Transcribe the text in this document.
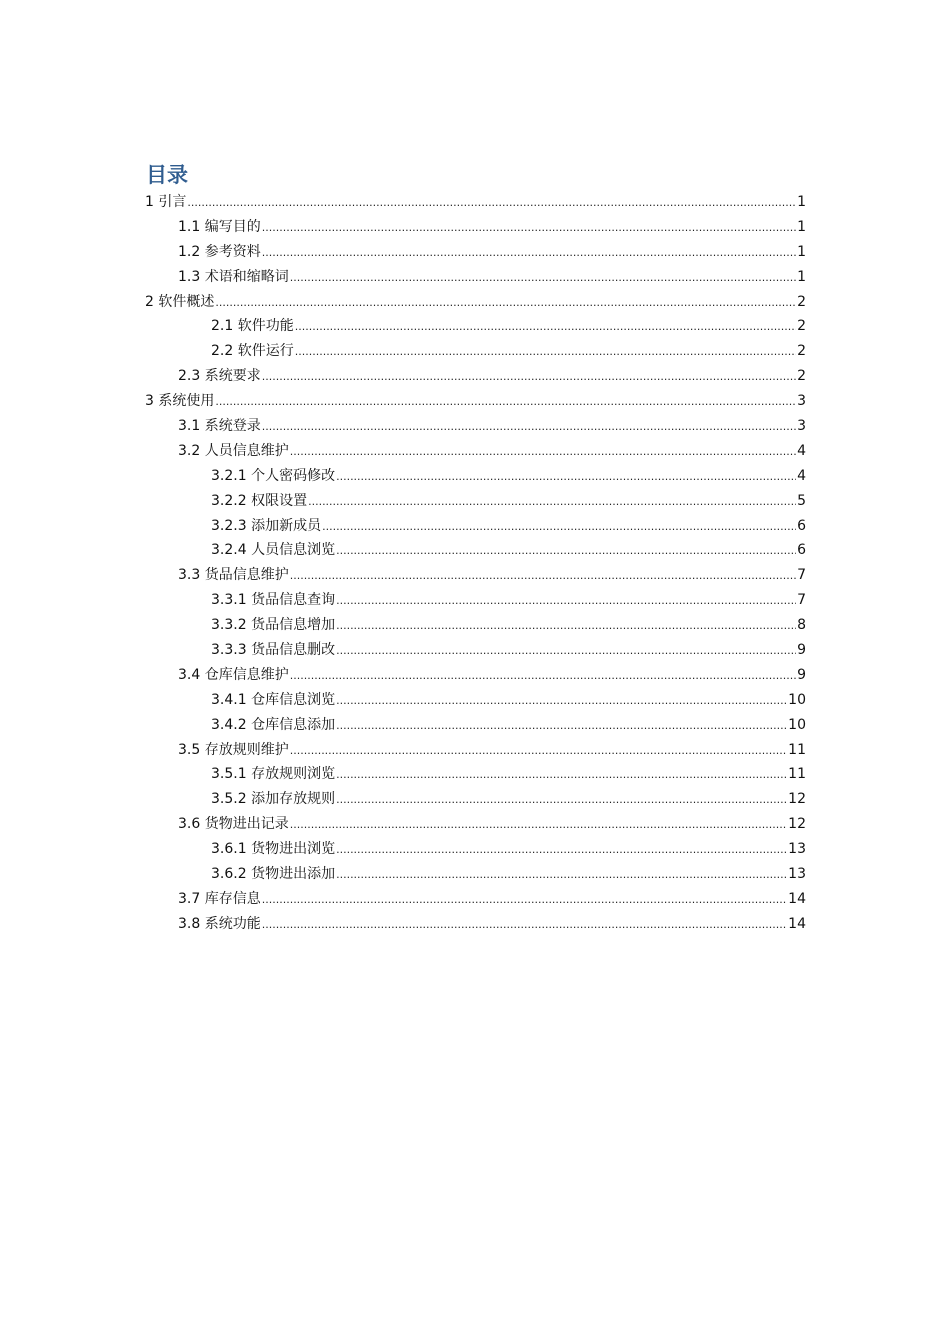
目录
1 引言 .....	1
1.1 编写目的 .....	1
1.2 参考资料 .....	1
1.3 术语和缩略词 .....	1
2 软件概述 .....	2
2.1 软件功能 .....	2
2.2 软件运行 .....	2
2.3 系统要求 .....	2
3 系统使用 .....	3
3.1 系统登录 .....	3
3.2 人员信息维护 .....	4
3.2.1 个人密码修改 .....	4
3.2.2 权限设置 .....	5
3.2.3 添加新成员 .....	6
3.2.4 人员信息浏览 .....	6
3.3 货品信息维护 .....	7
3.3.1 货品信息查询 .....	7
3.3.2 货品信息增加 .....	8
3.3.3 货品信息删改 .....	9
3.4 仓库信息维护 .....	9
3.4.1 仓库信息浏览 .....	10
3.4.2 仓库信息添加 .....	10
3.5 存放规则维护 .....	11
3.5.1 存放规则浏览 .....	11
3.5.2 添加存放规则 .....	12
3.6 货物进出记录 .....	12
3.6.1 货物进出浏览 .....	13
3.6.2 货物进出添加 .....	13
3.7 库存信息 .....	14
3.8 系统功能 .....	14
